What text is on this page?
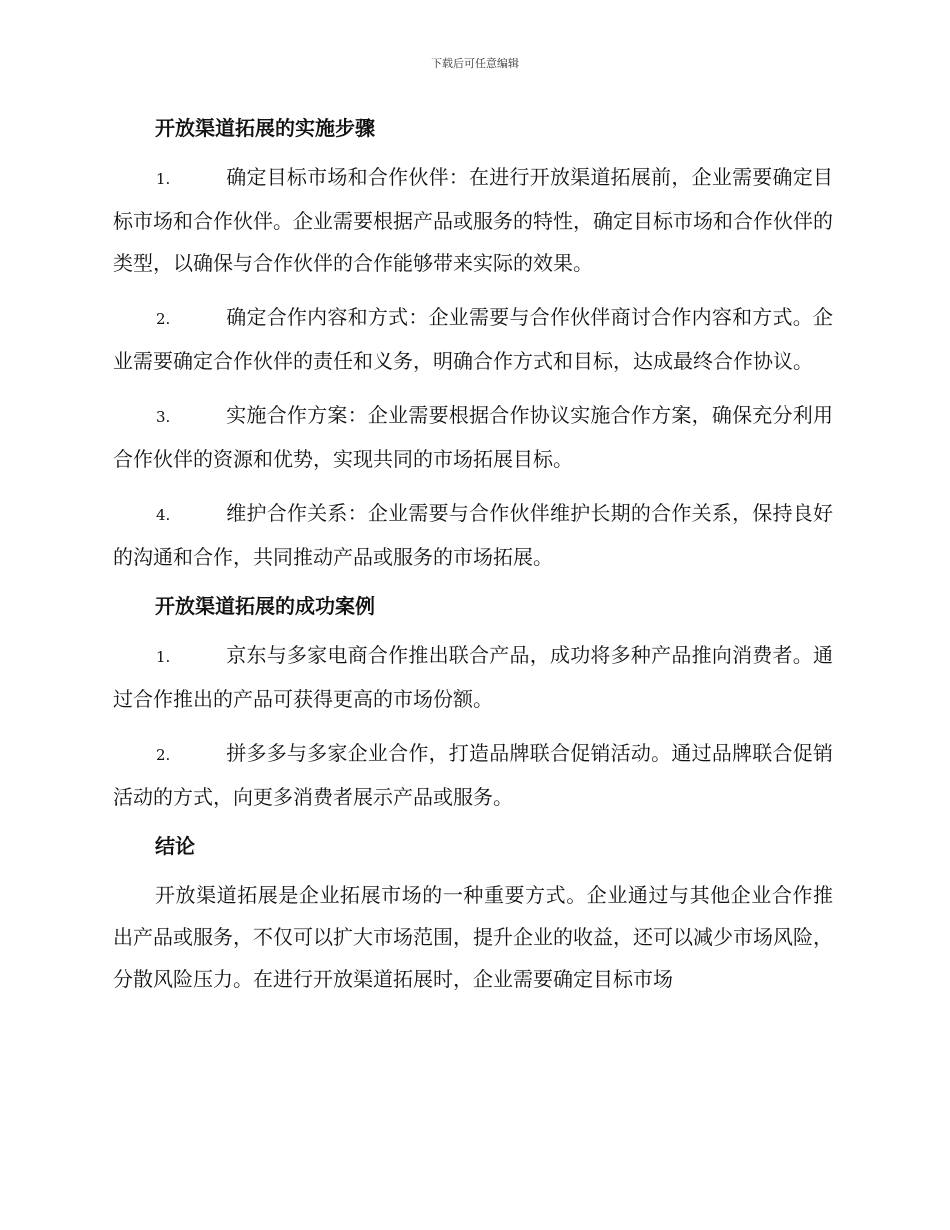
下载后可任意编辑
开放渠道拓展的实施步骤
1.	确定目标市场和合作伙伴：在进行开放渠道拓展前，企业需要确定目标市场和合作伙伴。企业需要根据产品或服务的特性，确定目标市场和合作伙伴的类型，以确保与合作伙伴的合作能够带来实际的效果。
2.	确定合作内容和方式：企业需要与合作伙伴商讨合作内容和方式。企业需要确定合作伙伴的责任和义务，明确合作方式和目标，达成最终合作协议。
3.	实施合作方案：企业需要根据合作协议实施合作方案，确保充分利用合作伙伴的资源和优势，实现共同的市场拓展目标。
4.	维护合作关系：企业需要与合作伙伴维护长期的合作关系，保持良好的沟通和合作，共同推动产品或服务的市场拓展。
开放渠道拓展的成功案例
1.	京东与多家电商合作推出联合产品，成功将多种产品推向消费者。通过合作推出的产品可获得更高的市场份额。
2.	拼多多与多家企业合作，打造品牌联合促销活动。通过品牌联合促销活动的方式，向更多消费者展示产品或服务。
结论
开放渠道拓展是企业拓展市场的一种重要方式。企业通过与其他企业合作推出产品或服务，不仅可以扩大市场范围，提升企业的收益，还可以减少市场风险，分散风险压力。在进行开放渠道拓展时，企业需要确定目标市场
